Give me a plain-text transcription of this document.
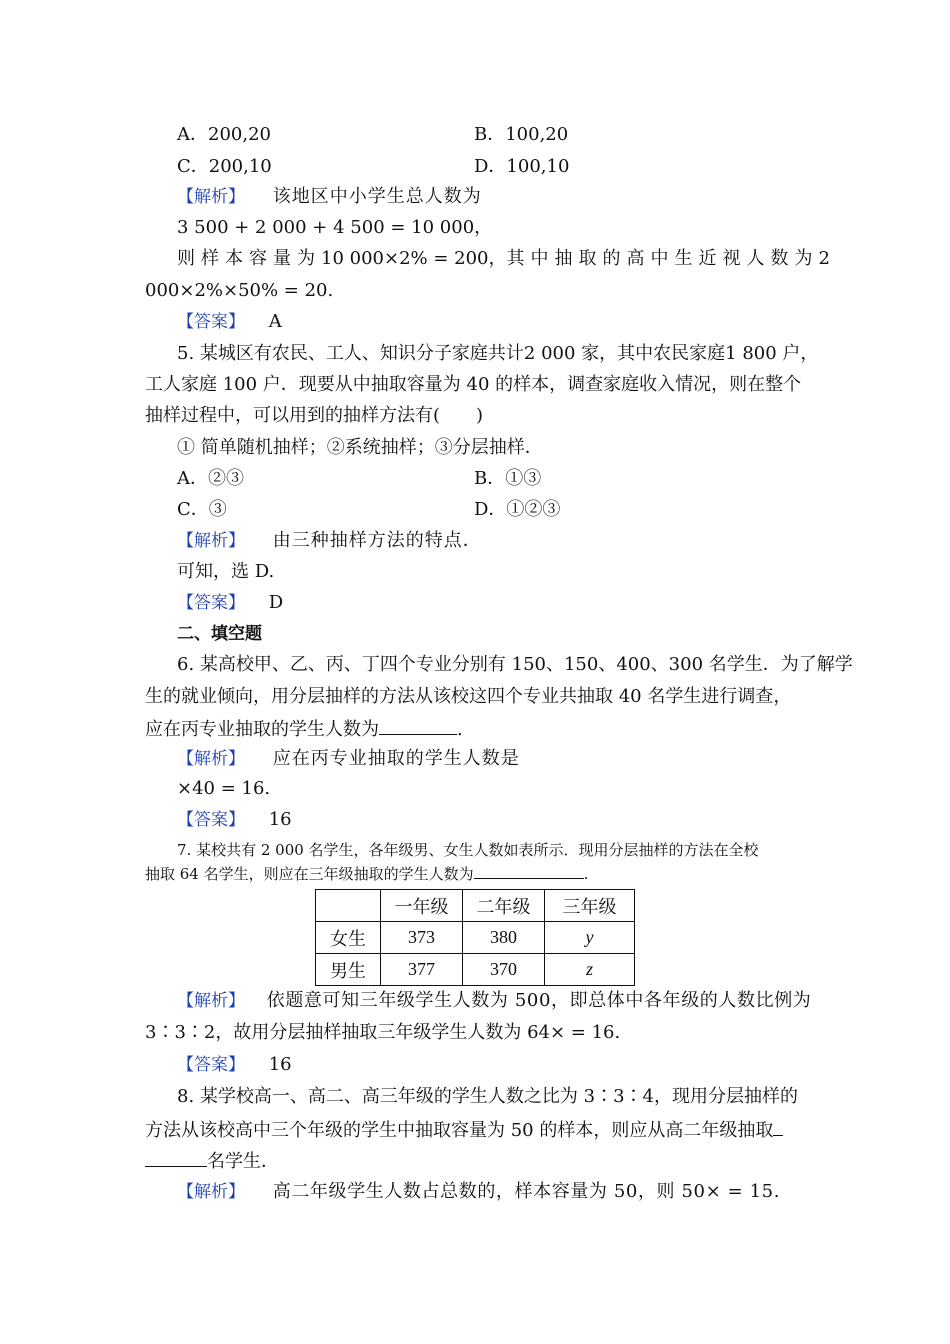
A．200,20	B．100,20
C．200,10	D．100,10
【解析】 该地区中小学生总人数为
3 500 + 2 000 + 4 500 = 10 000，
则样本容量为 10 000×2% = 200， 其中抽取的高中生近视人数为 2
000×2%×50% = 20.
【答案】 A
5. 某城区有农民、工人、知识分子家庭共计 2 000 家，其中农民家庭 1 800 户，
工人家庭 100 户．现要从中抽取容量为 40 的样本，调查家庭收入情况，则在整个
抽样过程中，可以用到的抽样方法有(　　)
① 简单随机抽样；②系统抽样；③分层抽样．
A．②③	B．①③
C．③	D．①②③
【解析】 由三种抽样方法的特点．
可知，选 D.
【答案】 D
二、填空题
6. 某高校甲、乙、丙、丁四个专业分别有 150、150、400、300 名学生．为了解学
生的就业倾向，用分层抽样的方法从该校这四个专业共抽取 40 名学生进行调查，
应在丙专业抽取的学生人数为	.
【解析】 应在丙专业抽取的学生人数是
×40 = 16.
【答案】 16
7. 某校共有 2 000 名学生，各年级男、女生人数如表所示．现用分层抽样的方法在全校
抽取 64 名学生，则应在三年级抽取的学生人数为	.
	一年级	二年级	三年级
女生	373	380	y
男生	377	370	z
【解析】 依题意可知三年级学生人数为 500，即总体中各年级的人数比例为
3∶3∶2，故用分层抽样抽取三年级学生人数为 64× = 16.
【答案】 16
8. 某学校高一、高二、高三年级的学生人数之比为 3∶3∶4，现用分层抽样的
方法从该校高中三个年级的学生中抽取容量为 50 的样本，则应从高二年级抽取
名学生．
【解析】 高二年级学生人数占总数的，样本容量为 50，则 50× = 15.
